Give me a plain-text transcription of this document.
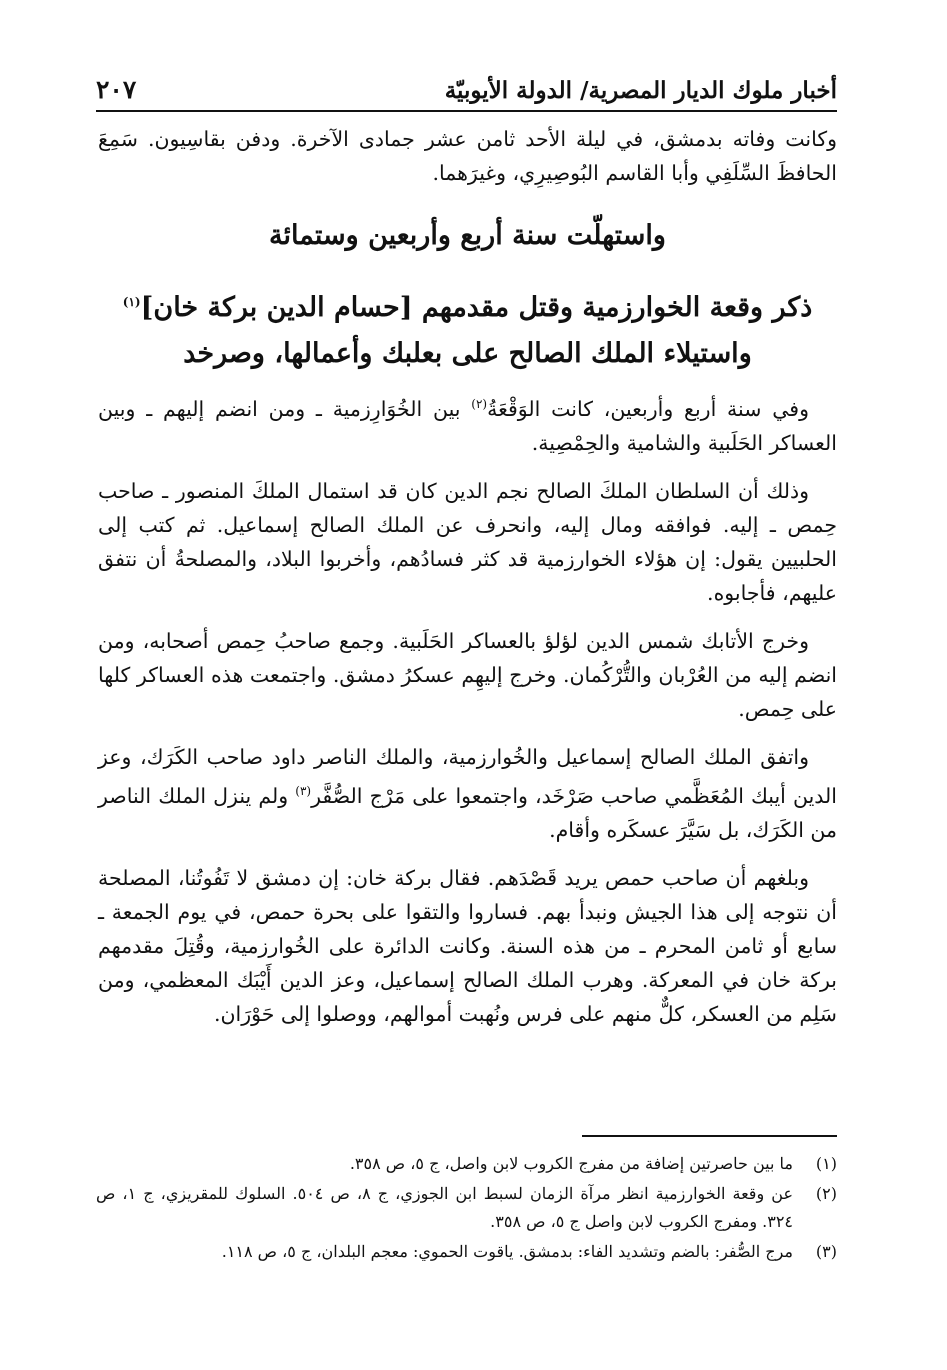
أخبار ملوك الديار المصرية/ الدولة الأيوبيّة
٢٠٧

وكانت وفاته بدمشق، في ليلة الأحد ثامن عشر جمادى الآخرة. ودفن بقاسِيون. سَمِعَ الحافظَ السِّلَفِي وأبا القاسم البُوصِيرِي، وغيرَهما.

واستهلّت سنة أربع وأربعين وستمائة
ذكر وقعة الخوارزمية وقتل مقدمهم [حسام الدين بركة خان]$^{(١)}$
واستيلاء الملك الصالح على بعلبك وأعمالها، وصرخد

وفي سنة أربع وأربعين، كانت الوَقْعَةُ$^{(٢)}$ بين الخُوَارِزمية ـ ومن انضم إليهم ـ وبين العساكر الحَلَبية والشامية والحِمْصِية.

وذلك أن السلطان الملكَ الصالح نجم الدين كان قد استمال الملكَ المنصور ـ صاحب حِمص ـ إليه. فوافقه ومال إليه، وانحرف عن الملك الصالح إسماعيل. ثم كتب إلى الحلبيين يقول: إن هؤلاء الخوارزمية قد كثر فسادُهم، وأخربوا البلاد، والمصلحةُ أن نتفق عليهم، فأجابوه.

وخرج الأتابك شمس الدين لؤلؤ بالعساكر الحَلَبية. وجمع صاحبُ حِمص أصحابه، ومن انضم إليه من العُرْبان والتُّرْكُمان. وخرج إليهِم عسكرُ دمشق. واجتمعت هذه العساكر كلها على حِمص.

واتفق الملك الصالح إسماعيل والخُوارزمية، والملك الناصر داود صاحب الكَرَك، وعز الدين أيبك المُعَظَّمي صاحب صَرْخَد، واجتمعوا على مَرْج الصُّفَّر$^{(٣)}$ ولم ينزل الملك الناصر من الكَرَك، بل سَيَّرَ عسكَره وأقام.

وبلغهم أن صاحب حمص يريد قَصْدَهم. فقال بركة خان: إن دمشق لا تَفُوتُنا، المصلحة أن نتوجه إلى هذا الجيش ونبدأ بهم. فساروا والتقوا على بحرة حمص، في يوم الجمعة ـ سابع أو ثامن المحرم ـ من هذه السنة. وكانت الدائرة على الخُوارزمية، وقُتِلَ مقدمهم بركة خان في المعركة. وهرب الملك الصالح إسماعيل، وعز الدين أَيْبَك المعظمي، ومن سَلِم من العسكر، كلٌّ منهم على فرس ونُهبت أموالهم، ووصلوا إلى حَوْرَان.

(١)
ما بين حاصرتين إضافة من مفرج الكروب لابن واصل، ج ٥، ص ٣٥٨.
(٢)
عن وقعة الخوارزمية انظر مرآة الزمان لسبط ابن الجوزي، ج ٨، ص ٥٠٤. السلوك للمقريزي، ج ١، ص ٣٢٤. ومفرج الكروب لابن واصل ج ٥، ص ٣٥٨.
(٣)
مرج الصُّفر: بالضم وتشديد الفاء: بدمشق. ياقوت الحموي: معجم البلدان، ج ٥، ص ١١٨.
